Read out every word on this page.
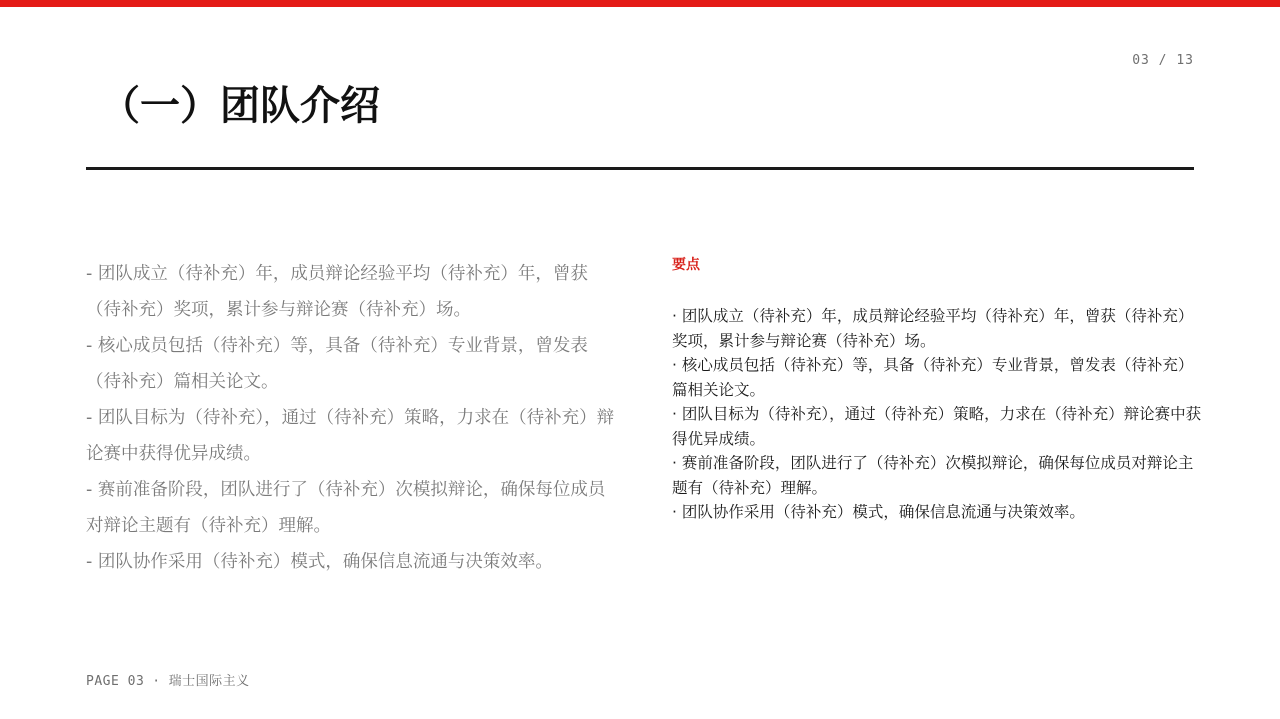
03 / 13
（一）团队介绍

- 团队成立（待补充）年，成员辩论经验平均（待补充）年，曾获（待补充）奖项，累计参与辩论赛（待补充）场。

- 核心成员包括（待补充）等，具备（待补充）专业背景，曾发表（待补充）篇相关论文。

- 团队目标为（待补充），通过（待补充）策略，力求在（待补充）辩论赛中获得优异成绩。

- 赛前准备阶段，团队进行了（待补充）次模拟辩论，确保每位成员对辩论主题有（待补充）理解。

- 团队协作采用（待补充）模式，确保信息流通与决策效率。

要点
· 团队成立（待补充）年，成员辩论经验平均（待补充）年，曾获（待补充）奖项，累计参与辩论赛（待补充）场。
· 核心成员包括（待补充）等，具备（待补充）专业背景，曾发表（待补充）篇相关论文。
· 团队目标为（待补充），通过（待补充）策略，力求在（待补充）辩论赛中获得优异成绩。
· 赛前准备阶段，团队进行了（待补充）次模拟辩论，确保每位成员对辩论主题有（待补充）理解。
· 团队协作采用（待补充）模式，确保信息流通与决策效率。
PAGE 03 · 瑞士国际主义
